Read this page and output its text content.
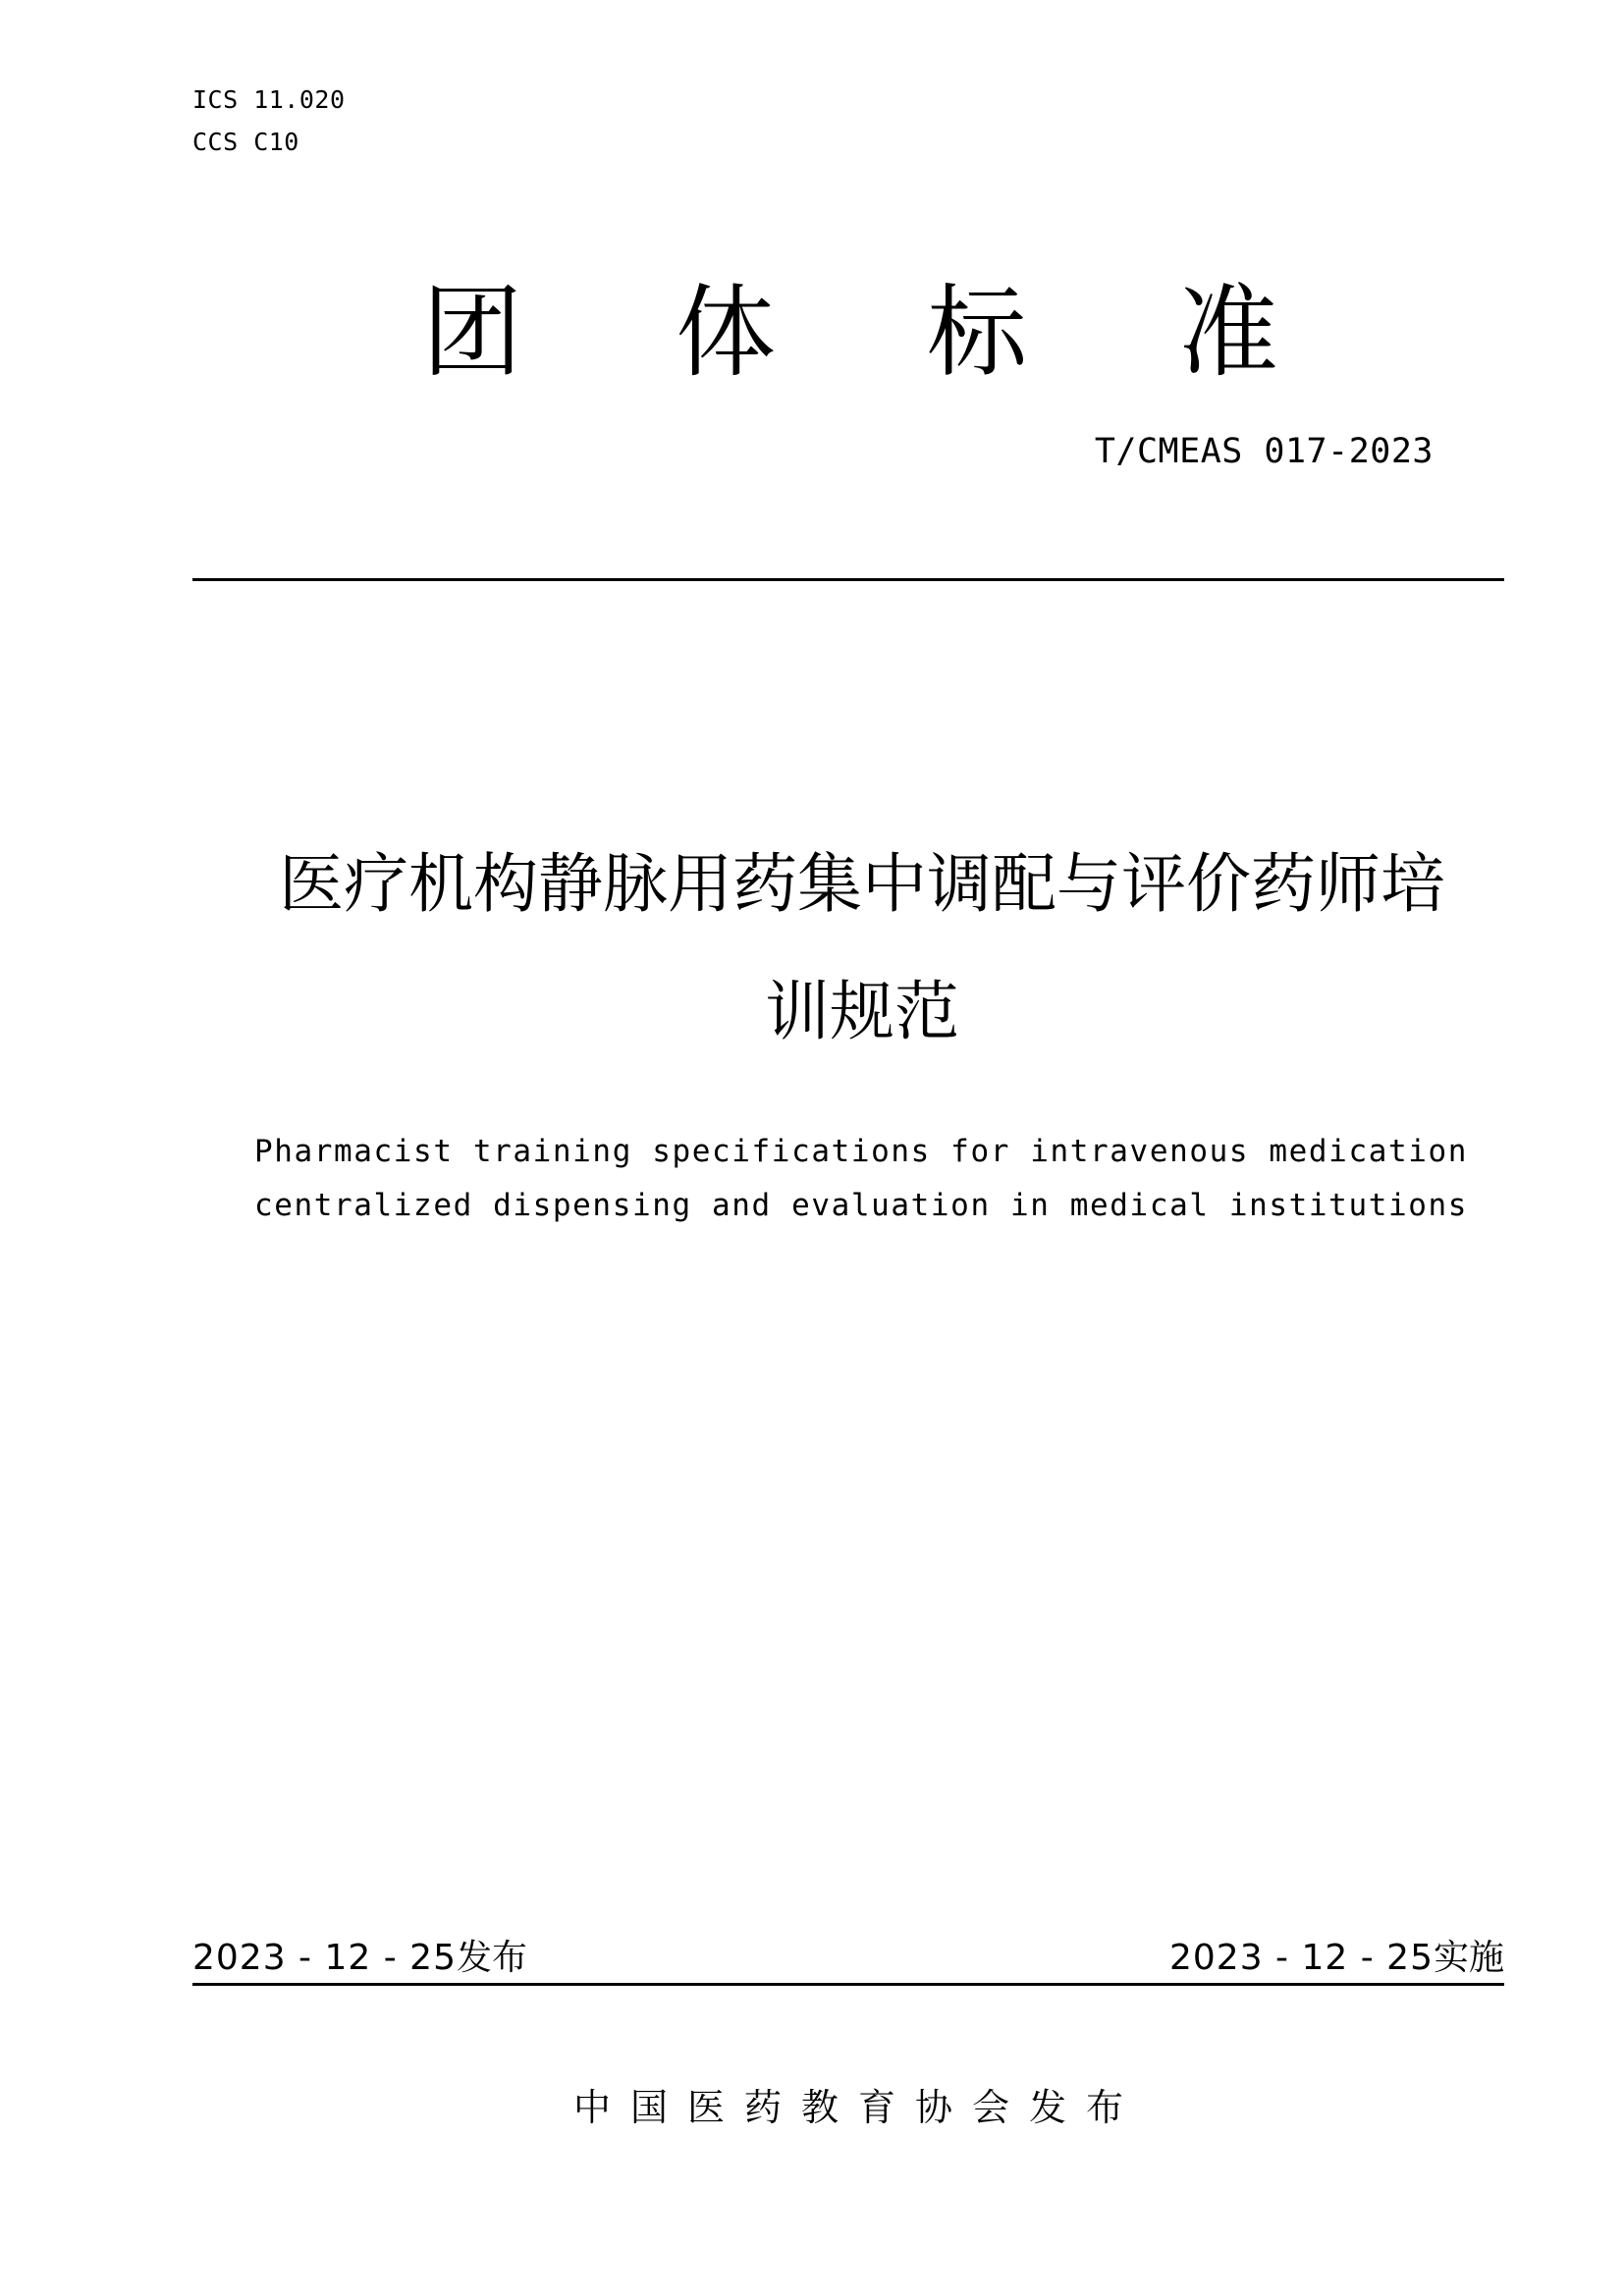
ICS 11.020
CCS C10
团 体 标 准
T/CMEAS 017-2023
医疗机构静脉用药集中调配与评价药师培
训规范
Pharmacist training specifications for intravenous medication
centralized dispensing and evaluation in medical institutions
2023 - 12 - 25发布	2023 - 12 - 25实施
中国医药教育协会发布
